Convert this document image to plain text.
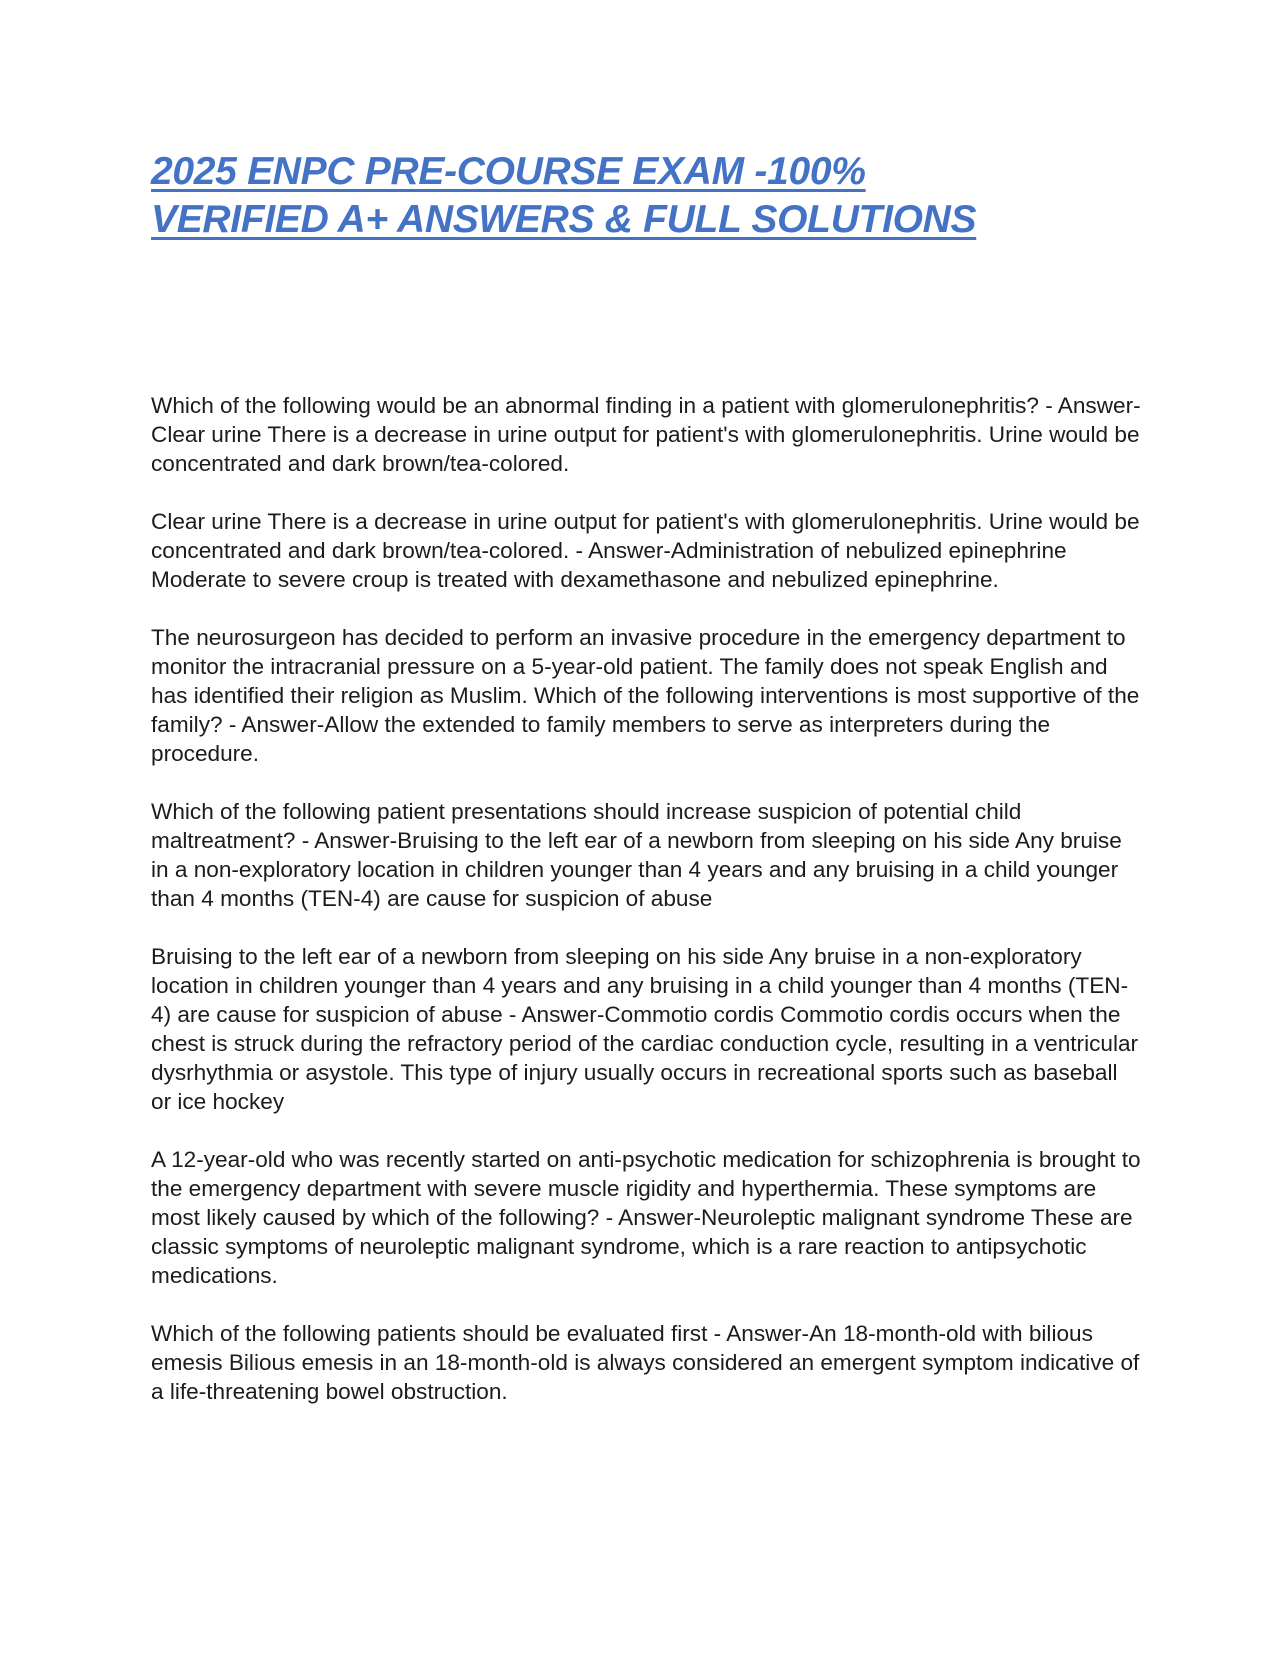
2025 ENPC PRE-COURSE EXAM -100%
VERIFIED A+ ANSWERS & FULL SOLUTIONS

Which of the following would be an abnormal finding in a patient with glomerulonephritis? - Answer-Clear urine There is a decrease in urine output for patient's with glomerulonephritis. Urine would be concentrated and dark brown/tea-colored.

Clear urine There is a decrease in urine output for patient's with glomerulonephritis. Urine would be concentrated and dark brown/tea-colored. - Answer-Administration of nebulized epinephrine Moderate to severe croup is treated with dexamethasone and nebulized epinephrine.

The neurosurgeon has decided to perform an invasive procedure in the emergency department to monitor the intracranial pressure on a 5-year-old patient. The family does not speak English and has identified their religion as Muslim. Which of the following interventions is most supportive of the family? - Answer-Allow the extended to family members to serve as interpreters during the procedure.

Which of the following patient presentations should increase suspicion of potential child maltreatment? - Answer-Bruising to the left ear of a newborn from sleeping on his side Any bruise in a non-exploratory location in children younger than 4 years and any bruising in a child younger than 4 months (TEN-4) are cause for suspicion of abuse

Bruising to the left ear of a newborn from sleeping on his side Any bruise in a non-exploratory location in children younger than 4 years and any bruising in a child younger than 4 months (TEN-4) are cause for suspicion of abuse - Answer-Commotio cordis Commotio cordis occurs when the chest is struck during the refractory period of the cardiac conduction cycle, resulting in a ventricular dysrhythmia or asystole. This type of injury usually occurs in recreational sports such as baseball or ice hockey

A 12-year-old who was recently started on anti-psychotic medication for schizophrenia is brought to the emergency department with severe muscle rigidity and hyperthermia. These symptoms are most likely caused by which of the following? - Answer-Neuroleptic malignant syndrome These are classic symptoms of neuroleptic malignant syndrome, which is a rare reaction to antipsychotic medications.

Which of the following patients should be evaluated first - Answer-An 18-month-old with bilious emesis Bilious emesis in an 18-month-old is always considered an emergent symptom indicative of a life-threatening bowel obstruction.
